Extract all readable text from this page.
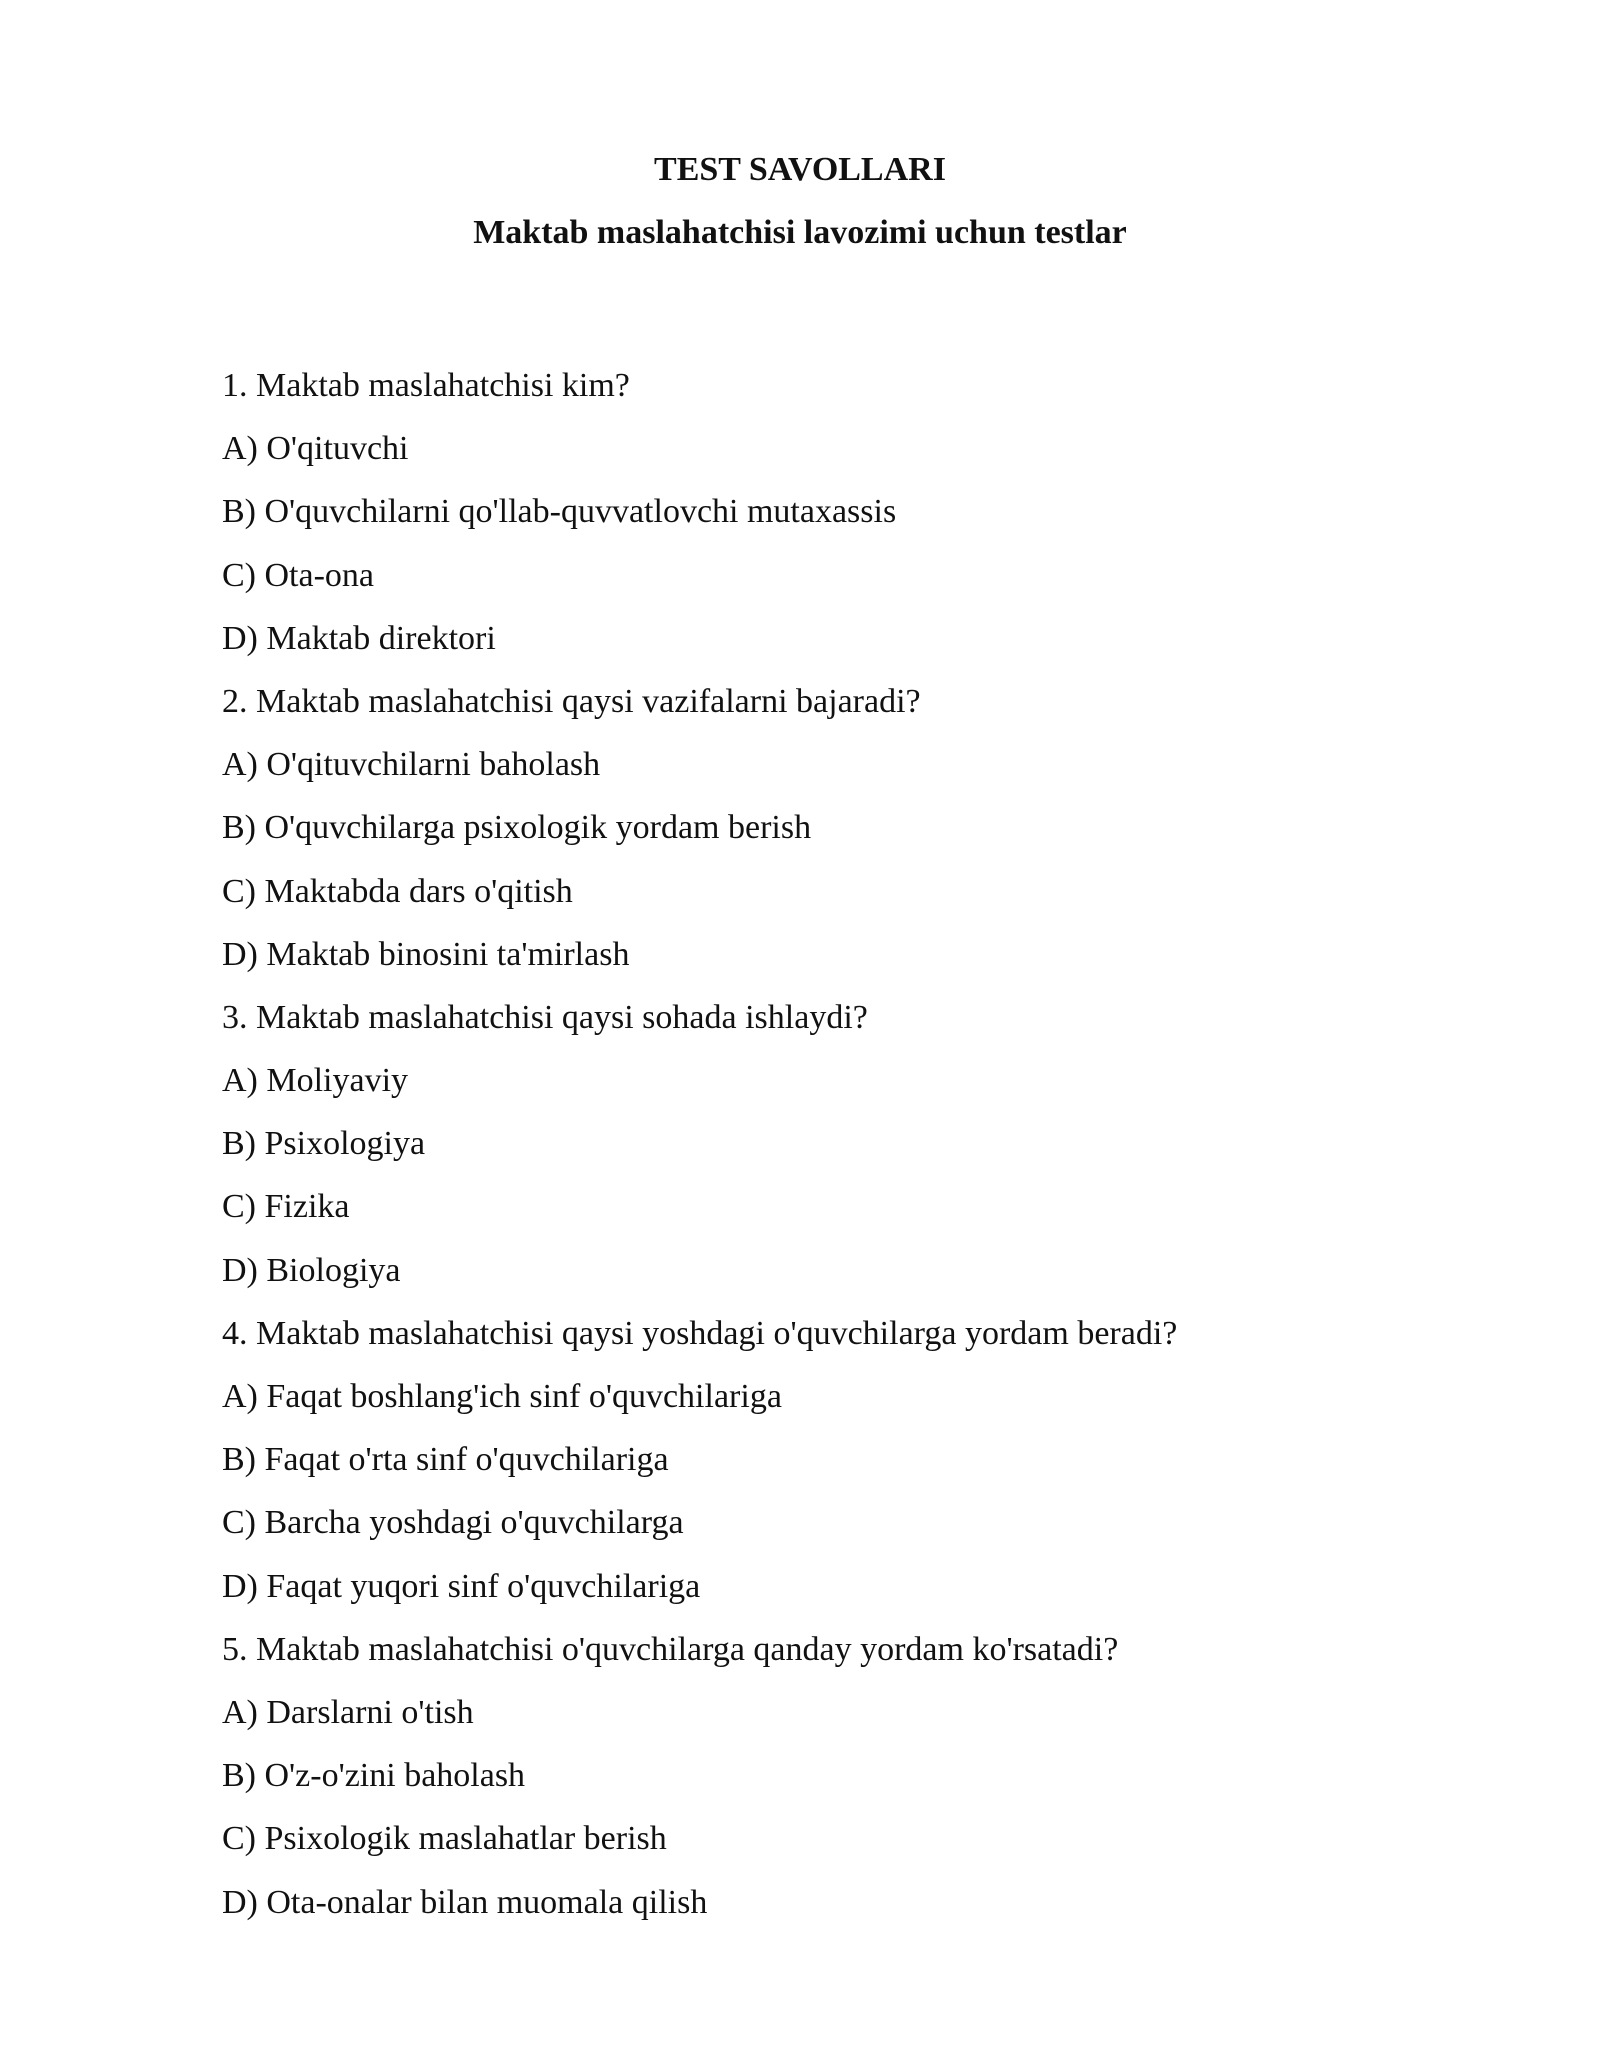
TEST SAVOLLARI
Maktab maslahatchisi lavozimi uchun testlar
1. Maktab maslahatchisi kim?
A) O'qituvchi
B) O'quvchilarni qo'llab-quvvatlovchi mutaxassis
C) Ota-ona
D) Maktab direktori
2. Maktab maslahatchisi qaysi vazifalarni bajaradi?
A) O'qituvchilarni baholash
B) O'quvchilarga psixologik yordam berish
C) Maktabda dars o'qitish
D) Maktab binosini ta'mirlash
3. Maktab maslahatchisi qaysi sohada ishlaydi?
A) Moliyaviy
B) Psixologiya
C) Fizika
D) Biologiya
4. Maktab maslahatchisi qaysi yoshdagi o'quvchilarga yordam beradi?
A) Faqat boshlang'ich sinf o'quvchilariga
B) Faqat o'rta sinf o'quvchilariga
C) Barcha yoshdagi o'quvchilarga
D) Faqat yuqori sinf o'quvchilariga
5. Maktab maslahatchisi o'quvchilarga qanday yordam ko'rsatadi?
A) Darslarni o'tish
B) O'z-o'zini baholash
C) Psixologik maslahatlar berish
D) Ota-onalar bilan muomala qilish
